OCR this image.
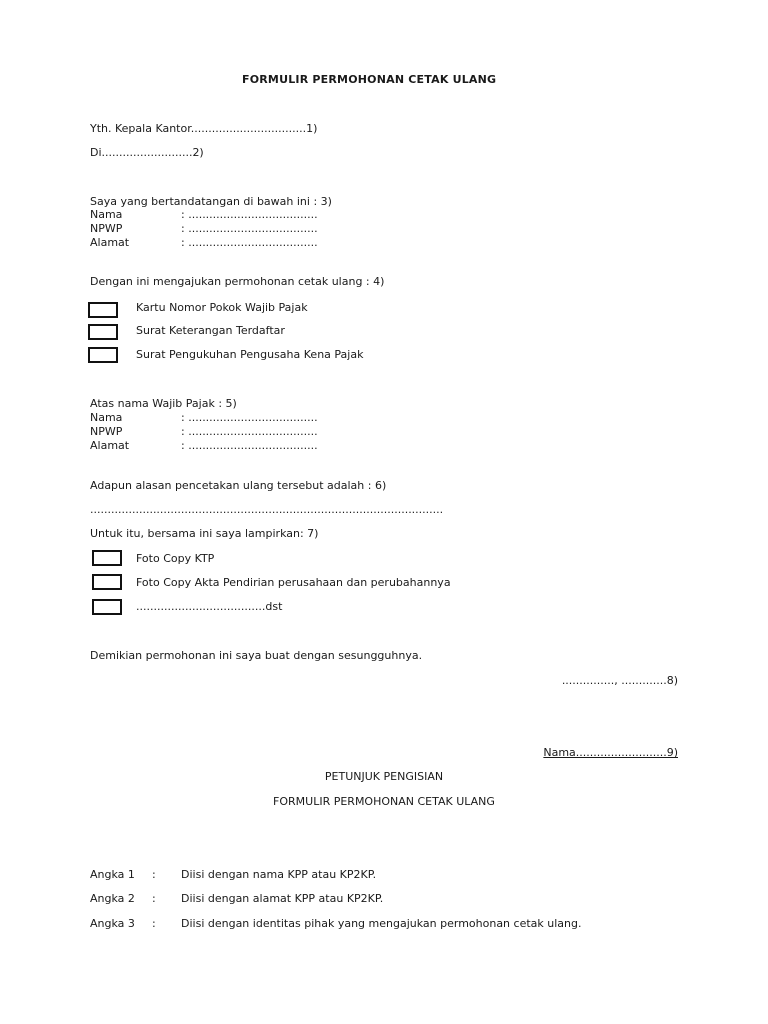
FORMULIR PERMOHONAN CETAK ULANG
Yth. Kepala Kantor.................................1)
Di..........................2)
Saya yang bertandatangan di bawah ini : 3)
Nama	: .....................................
NPWP	: .....................................
Alamat	: .....................................
Dengan ini mengajukan permohonan cetak ulang : 4)
Kartu Nomor Pokok Wajib Pajak
Surat Keterangan Terdaftar
Surat Pengukuhan Pengusaha Kena Pajak
Atas nama Wajib Pajak : 5)
Nama	: .....................................
NPWP	: .....................................
Alamat	: .....................................
Adapun alasan pencetakan ulang tersebut adalah : 6)
.....................................................................................................
Untuk itu, bersama ini saya lampirkan: 7)
Foto Copy KTP
Foto Copy Akta Pendirian perusahaan dan perubahannya
.....................................dst
Demikian permohonan ini saya buat dengan sesungguhnya.
..............., .............8)
Nama..........................9)
PETUNJUK PENGISIAN
FORMULIR PERMOHONAN CETAK ULANG
Angka 1 : Diisi dengan nama KPP atau KP2KP.
Angka 2 : Diisi dengan alamat KPP atau KP2KP.
Angka 3 : Diisi dengan identitas pihak yang mengajukan permohonan cetak ulang.
